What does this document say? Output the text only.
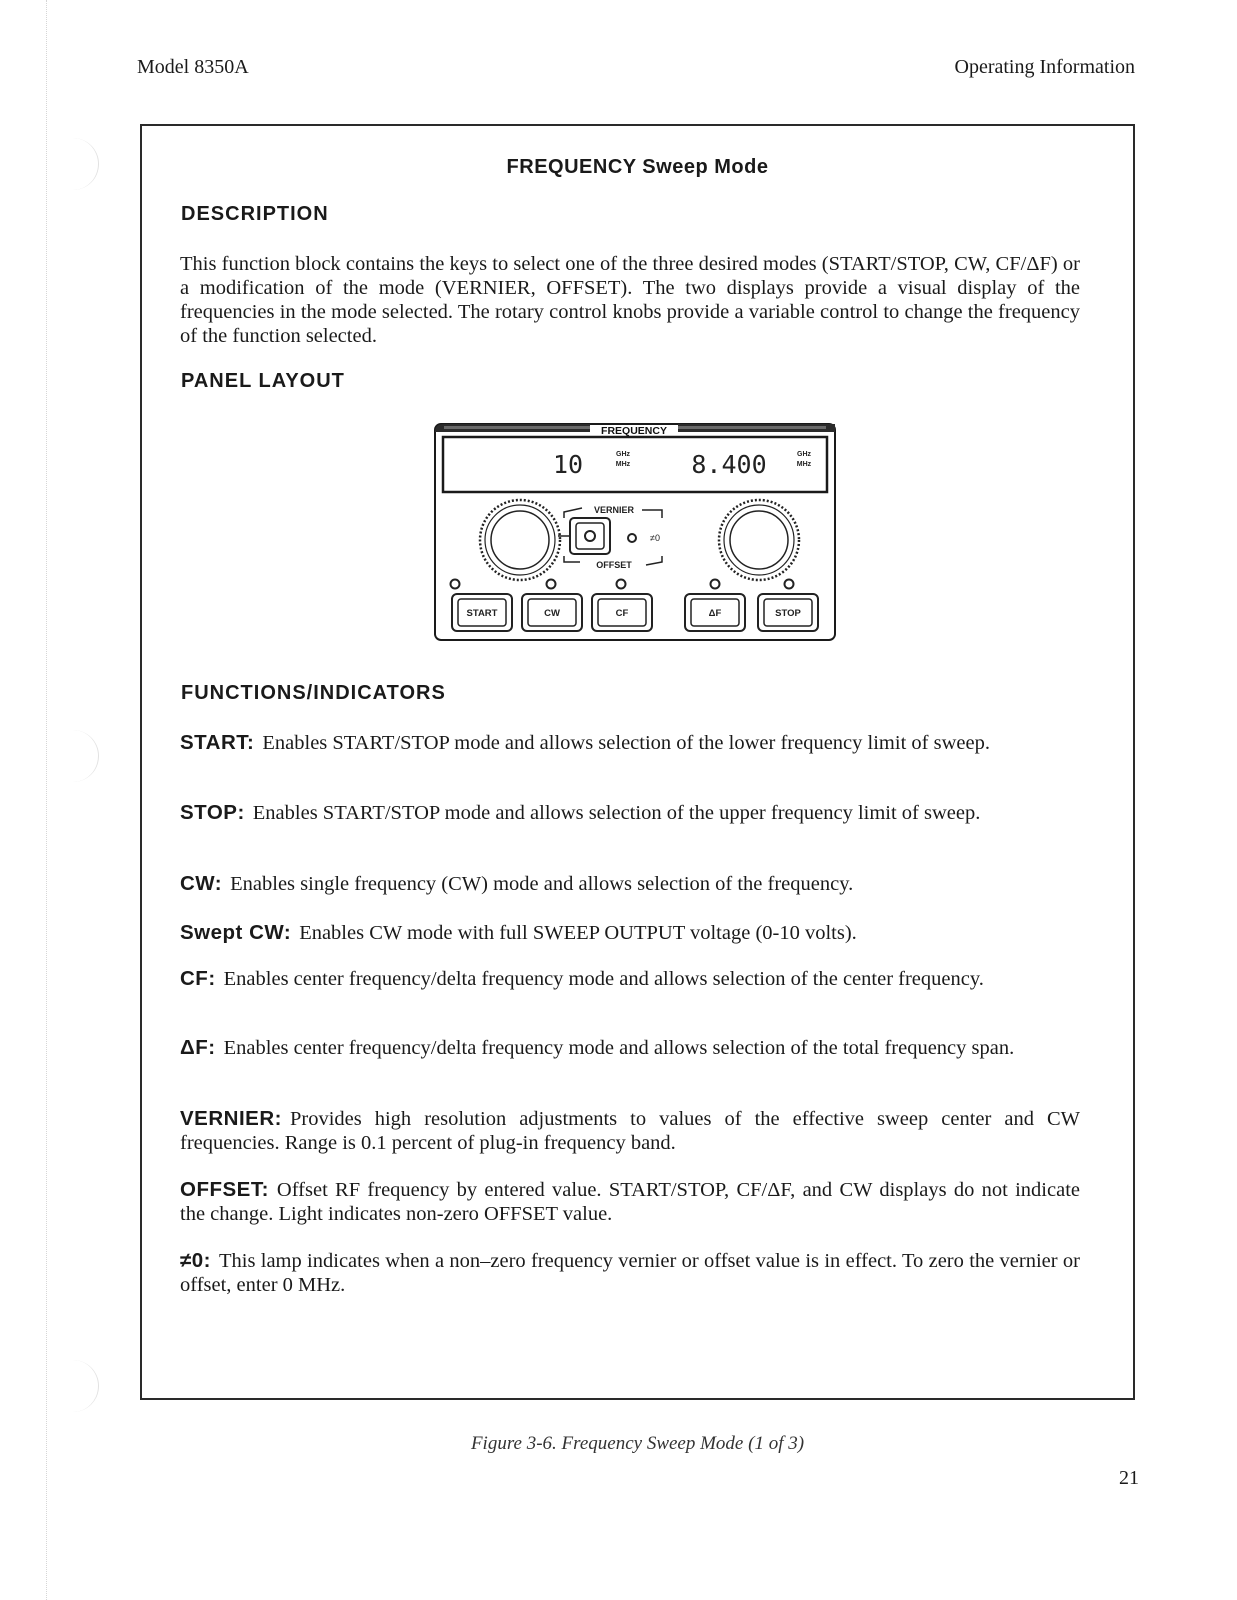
Model 8350A	Operating Information
FREQUENCY Sweep Mode
DESCRIPTION
This function block contains the keys to select one of the three desired modes (START/STOP, CW, CF/ΔF) or a modification of the mode (VERNIER, OFFSET). The two displays provide a visual display of the frequencies in the mode selected. The rotary control knobs provide a variable control to change the frequency of the function selected.
PANEL LAYOUT
FREQUENCY
10	GHz
MHz 8.400	GHz
MHz
VERNIER
OFFSET
≠0
START	CW	CF	ΔF	STOP
FUNCTIONS/INDICATORS
START: Enables START/STOP mode and allows selection of the lower frequency limit of sweep.
STOP: Enables START/STOP mode and allows selection of the upper frequency limit of sweep.
CW: Enables single frequency (CW) mode and allows selection of the frequency.
Swept CW: Enables CW mode with full SWEEP OUTPUT voltage (0-10 volts).
CF: Enables center frequency/delta frequency mode and allows selection of the center frequency.
ΔF: Enables center frequency/delta frequency mode and allows selection of the total frequency span.
VERNIER: Provides high resolution adjustments to values of the effective sweep center and CW frequencies. Range is 0.1 percent of plug-in frequency band.
OFFSET: Offset RF frequency by entered value. START/STOP, CF/ΔF, and CW displays do not indicate the change. Light indicates non-zero OFFSET value.
≠0: This lamp indicates when a non–zero frequency vernier or offset value is in effect. To zero the vernier or offset, enter 0 MHz.
Figure 3-6. Frequency Sweep Mode (1 of 3)
21
